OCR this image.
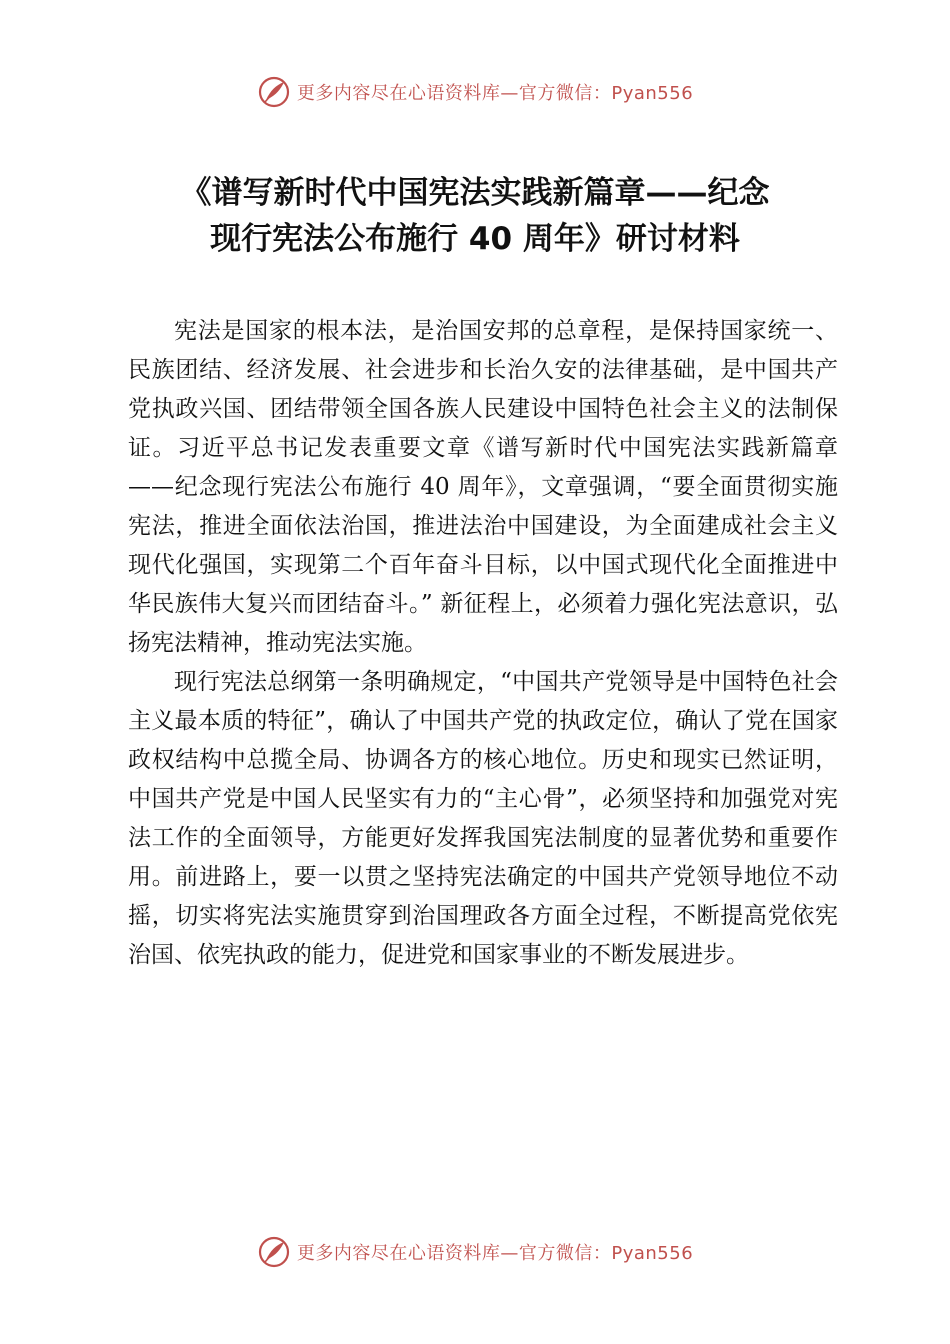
更多内容尽在心语资料库—官方微信：Pyan556
《谱写新时代中国宪法实践新篇章——纪念
现行宪法公布施行 40 周年》研讨材料

宪法是国家的根本法，是治国安邦的总章程，是保持国家统一、民族团结、经济发展、社会进步和长治久安的法律基础，是中国共产党执政兴国、团结带领全国各族人民建设中国特色社会主义的法制保证。习近平总书记发表重要文章《谱写新时代中国宪法实践新篇章——纪念现行宪法公布施行 40 周年》，文章强调，“要全面贯彻实施宪法，推进全面依法治国，推进法治中国建设，为全面建成社会主义现代化强国，实现第二个百年奋斗目标，以中国式现代化全面推进中华民族伟大复兴而团结奋斗。” 新征程上，必须着力强化宪法意识，弘扬宪法精神，推动宪法实施。

现行宪法总纲第一条明确规定，“中国共产党领导是中国特色社会主义最本质的特征”，确认了中国共产党的执政定位，确认了党在国家政权结构中总揽全局、协调各方的核心地位。历史和现实已然证明，中国共产党是中国人民坚实有力的“主心骨”，必须坚持和加强党对宪法工作的全面领导，方能更好发挥我国宪法制度的显著优势和重要作用。前进路上，要一以贯之坚持宪法确定的中国共产党领导地位不动摇，切实将宪法实施贯穿到治国理政各方面全过程，不断提高党依宪治国、依宪执政的能力，促进党和国家事业的不断发展进步。

更多内容尽在心语资料库—官方微信：Pyan556
